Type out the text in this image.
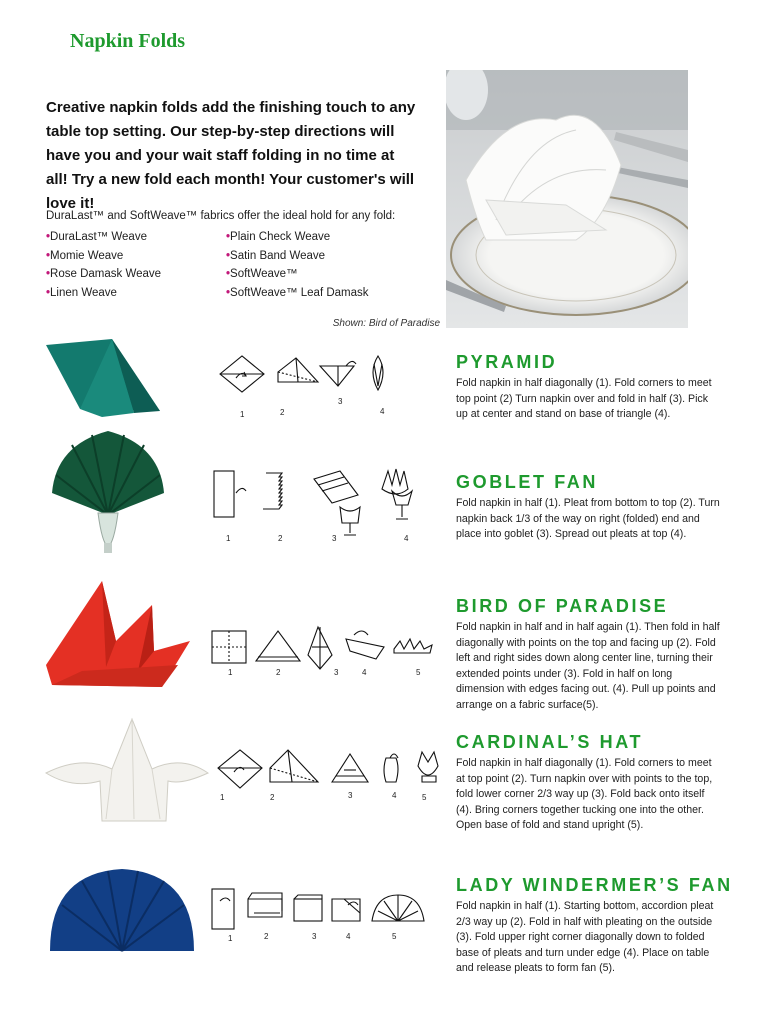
Napkin Folds
Creative napkin folds add the finishing touch to any table top setting. Our step-by-step directions will have you and your wait staff folding in no time at all! Try a new fold each month! Your customer's will love it!
DuraLast™ and SoftWeave™ fabrics offer the ideal hold for any fold:
• DuraLast™ Weave
• Momie Weave
• Rose Damask Weave
• Linen Weave
• Plain Check Weave
• Satin Band Weave
• SoftWeave™
• SoftWeave™ Leaf Damask
Shown: Bird of Paradise
1	2
3
4
PYRAMID
Fold napkin in half diagonally (1). Fold corners to meet top point (2) Turn napkin over and fold in half (3). Pick up at center and stand on base of triangle (4).
1	2	3	4
GOBLET FAN
Fold napkin in half (1). Pleat from bottom to top (2). Turn napkin back 1/3 of the way on right (folded) end and place into goblet (3). Spread out pleats at top (4).
1	2	3	4	5
BIRD OF PARADISE
Fold napkin in half and in half again (1). Then fold in half diagonally with points on the top and facing up (2). Fold left and right sides down along center line, turning their extended points under (3). Fold in half on long dimension with edges facing out. (4). Pull up points and arrange on a fabric surface(5).
1	2	3	4	5
CARDINAL’S HAT
Fold napkin in half diagonally (1). Fold corners to meet at top point (2). Turn napkin over with points to the top, fold lower corner 2/3 way up (3). Fold back onto itself (4). Bring corners together tucking one into the other. Open base of fold and stand upright (5).
1	2	3	4	5
LADY WINDERMER’S FAN
Fold napkin in half (1). Starting bottom, accordion pleat 2/3 way up (2). Fold in half with pleating on the outside (3). Fold upper right corner diagonally down to folded base of pleats and turn under edge (4). Place on table and release pleats to form fan (5).
